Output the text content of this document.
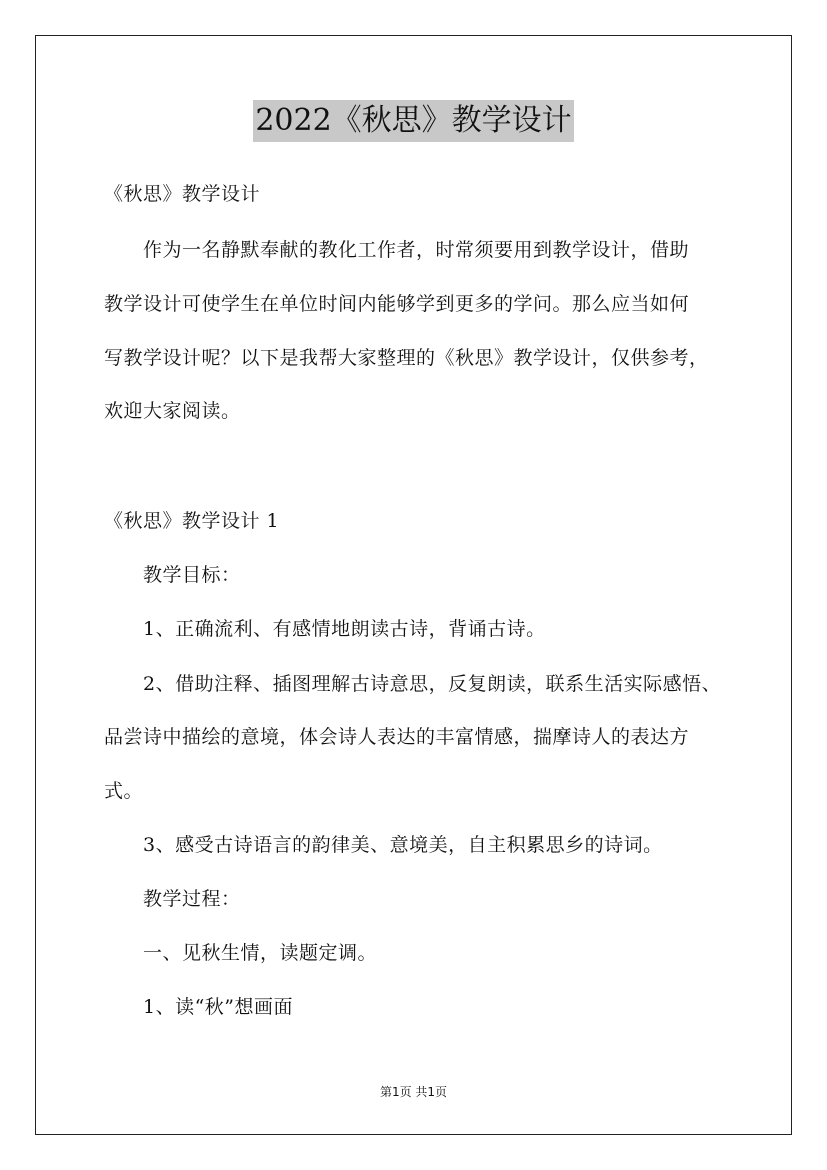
2022《秋思》教学设计
《秋思》教学设计
作为一名静默奉献的教化工作者，时常须要用到教学设计，借助
教学设计可使学生在单位时间内能够学到更多的学问。那么应当如何
写教学设计呢？以下是我帮大家整理的《秋思》教学设计，仅供参考，
欢迎大家阅读。
《秋思》教学设计 1
教学目标：
1、正确流利、有感情地朗读古诗，背诵古诗。
2、借助注释、插图理解古诗意思，反复朗读，联系生活实际感悟、
品尝诗中描绘的意境，体会诗人表达的丰富情感，揣摩诗人的表达方
式。
3、感受古诗语言的韵律美、意境美，自主积累思乡的诗词。
教学过程：
一、见秋生情，读题定调。
1、读“秋”想画面
第1页 共1页
